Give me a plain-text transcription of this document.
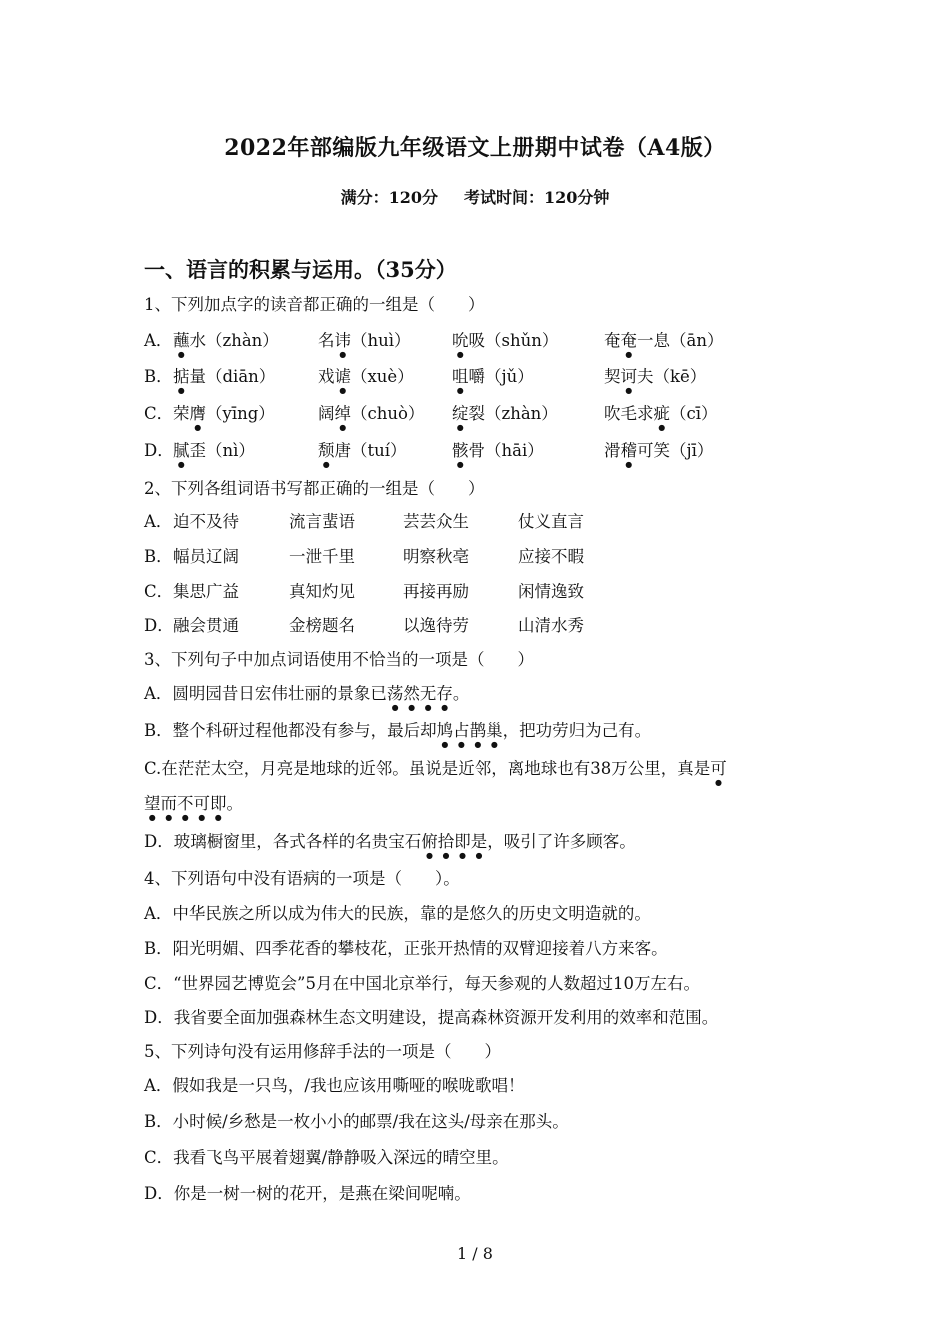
2022年部编版九年级语文上册期中试卷（A4版）
满分：120分 考试时间：120分钟
一、语言的积累与运用。（35分）
1、下列加点字的读音都正确的一组是（　　）
A． 蘸水（zhàn） 名讳（huì）	吮吸（shǔn）	奄奄一息（ān）
B． 掂量（diān）	戏谑（xuè） 咀嚼（jǔ）	契诃夫（kē）
C． 荣膺（yīng）	阔绰（chuò） 绽裂（zhàn）	吹毛求疵（cī）
D． 腻歪（nì）	颓唐（tuí）	骸骨（hāi）	滑稽可笑（jī）
2、下列各组词语书写都正确的一组是（　　）
A． 迫不及待	流言蜚语	芸芸众生	仗义直言
B． 幅员辽阔	一泄千里	明察秋亳	应接不暇
C． 集思广益	真知灼见	再接再励	闲情逸致
D． 融会贯通	金榜题名	以逸待劳	山清水秀
3、下列句子中加点词语使用不恰当的一项是（　　）
A．圆明园昔日宏伟壮丽的景象已荡然无存。
B．整个科研过程他都没有参与，最后却鸠占鹊巢，把功劳归为己有。
C.在茫茫太空，月亮是地球的近邻。虽说是近邻，离地球也有38万公里，真是可
望而不可即。
D．玻璃橱窗里，各式各样的名贵宝石俯拾即是，吸引了许多顾客。
4、下列语句中没有语病的一项是（　　）。
A．中华民族之所以成为伟大的民族，靠的是悠久的历史文明造就的。
B．阳光明媚、四季花香的攀枝花，正张开热情的双臂迎接着八方来客。
C．“世界园艺博览会”5月在中国北京举行，每天参观的人数超过10万左右。
D．我省要全面加强森林生态文明建设，提高森林资源开发利用的效率和范围。
5、下列诗句没有运用修辞手法的一项是（　　）
A．假如我是一只鸟，/我也应该用嘶哑的喉咙歌唱！
B．小时候/乡愁是一枚小小的邮票/我在这头/母亲在那头。
C．我看飞鸟平展着翅翼/静静吸入深远的晴空里。
D．你是一树一树的花开，是燕在梁间呢喃。
1 / 8
